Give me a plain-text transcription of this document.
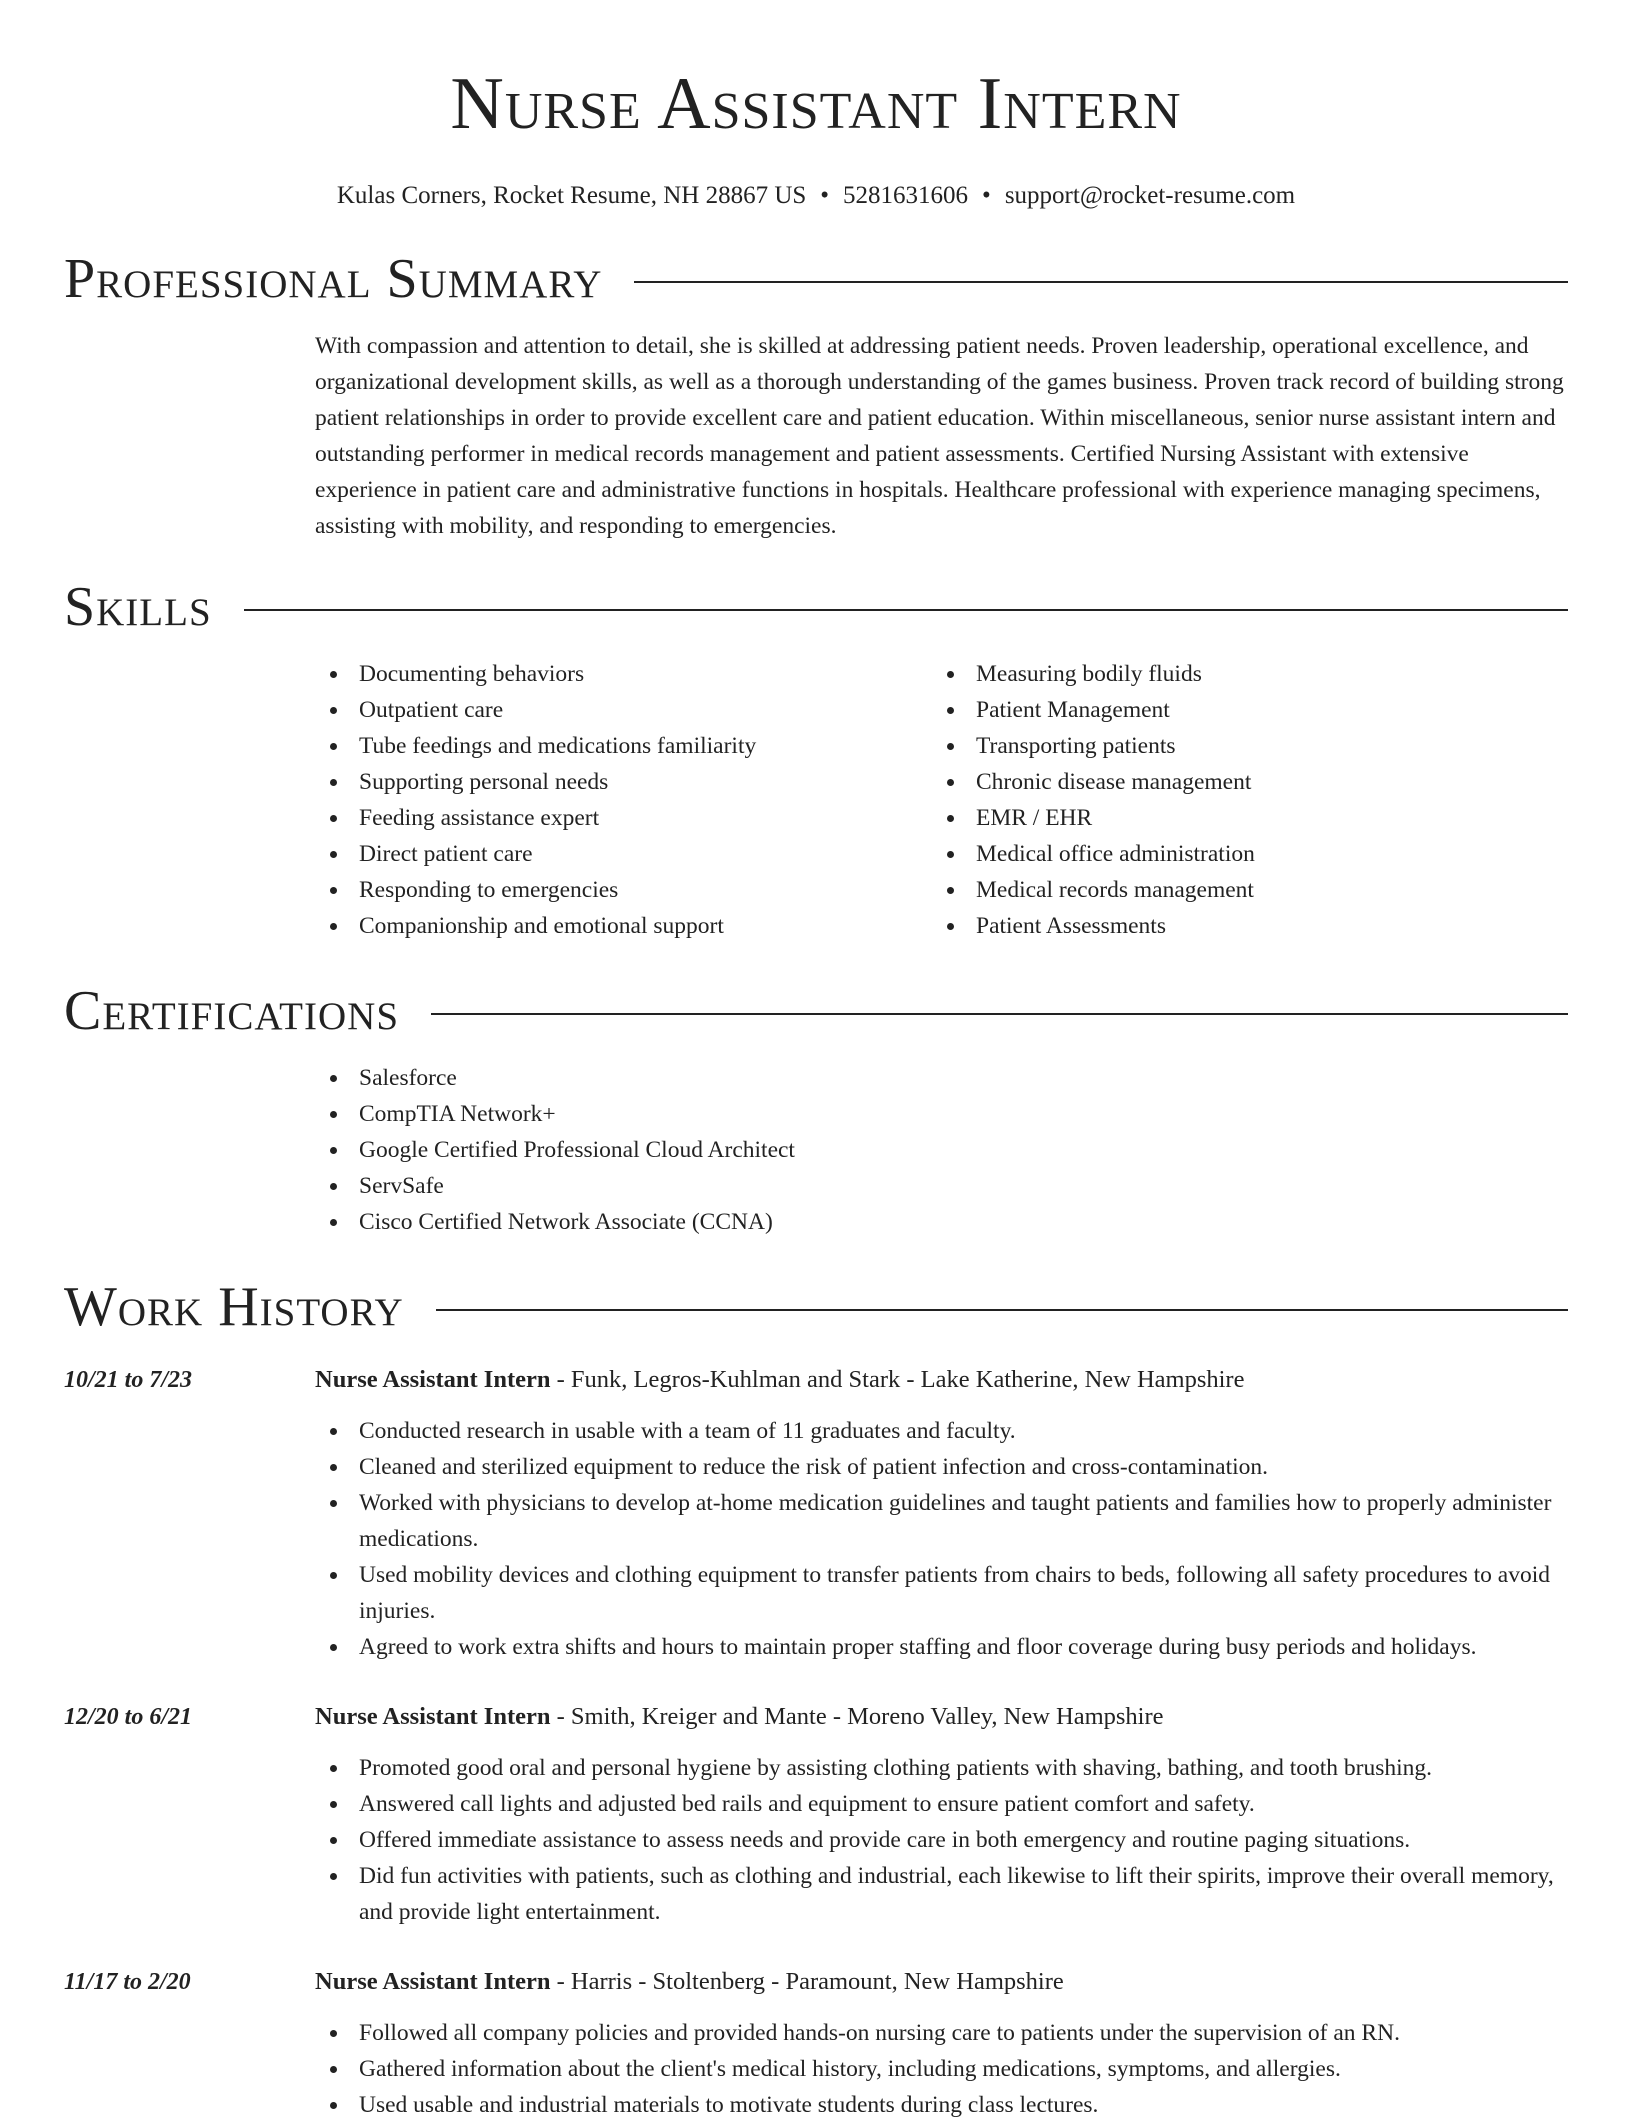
Nurse Assistant Intern
Kulas Corners, Rocket Resume, NH 28867 US • 5281631606 • support@rocket-resume.com
Professional Summary
With compassion and attention to detail, she is skilled at addressing patient needs. Proven leadership, operational excellence, and organizational development skills, as well as a thorough understanding of the games business. Proven track record of building strong patient relationships in order to provide excellent care and patient education. Within miscellaneous, senior nurse assistant intern and outstanding performer in medical records management and patient assessments. Certified Nursing Assistant with extensive experience in patient care and administrative functions in hospitals. Healthcare professional with experience managing specimens, assisting with mobility, and responding to emergencies.
Skills
Documenting behaviors
Outpatient care
Tube feedings and medications familiarity
Supporting personal needs
Feeding assistance expert
Direct patient care
Responding to emergencies
Companionship and emotional support
Measuring bodily fluids
Patient Management
Transporting patients
Chronic disease management
EMR / EHR
Medical office administration
Medical records management
Patient Assessments
Certifications
Salesforce
CompTIA Network+
Google Certified Professional Cloud Architect
ServSafe
Cisco Certified Network Associate (CCNA)
Work History
10/21 to 7/23	Nurse Assistant Intern - Funk, Legros-Kuhlman and Stark - Lake Katherine, New Hampshire
Conducted research in usable with a team of 11 graduates and faculty.
Cleaned and sterilized equipment to reduce the risk of patient infection and cross-contamination.
Worked with physicians to develop at-home medication guidelines and taught patients and families how to properly administer medications.
Used mobility devices and clothing equipment to transfer patients from chairs to beds, following all safety procedures to avoid injuries.
Agreed to work extra shifts and hours to maintain proper staffing and floor coverage during busy periods and holidays.
12/20 to 6/21	Nurse Assistant Intern - Smith, Kreiger and Mante - Moreno Valley, New Hampshire
Promoted good oral and personal hygiene by assisting clothing patients with shaving, bathing, and tooth brushing.
Answered call lights and adjusted bed rails and equipment to ensure patient comfort and safety.
Offered immediate assistance to assess needs and provide care in both emergency and routine paging situations.
Did fun activities with patients, such as clothing and industrial, each likewise to lift their spirits, improve their overall memory, and provide light entertainment.
11/17 to 2/20	Nurse Assistant Intern - Harris - Stoltenberg - Paramount, New Hampshire
Followed all company policies and provided hands-on nursing care to patients under the supervision of an RN.
Gathered information about the client's medical history, including medications, symptoms, and allergies.
Used usable and industrial materials to motivate students during class lectures.
